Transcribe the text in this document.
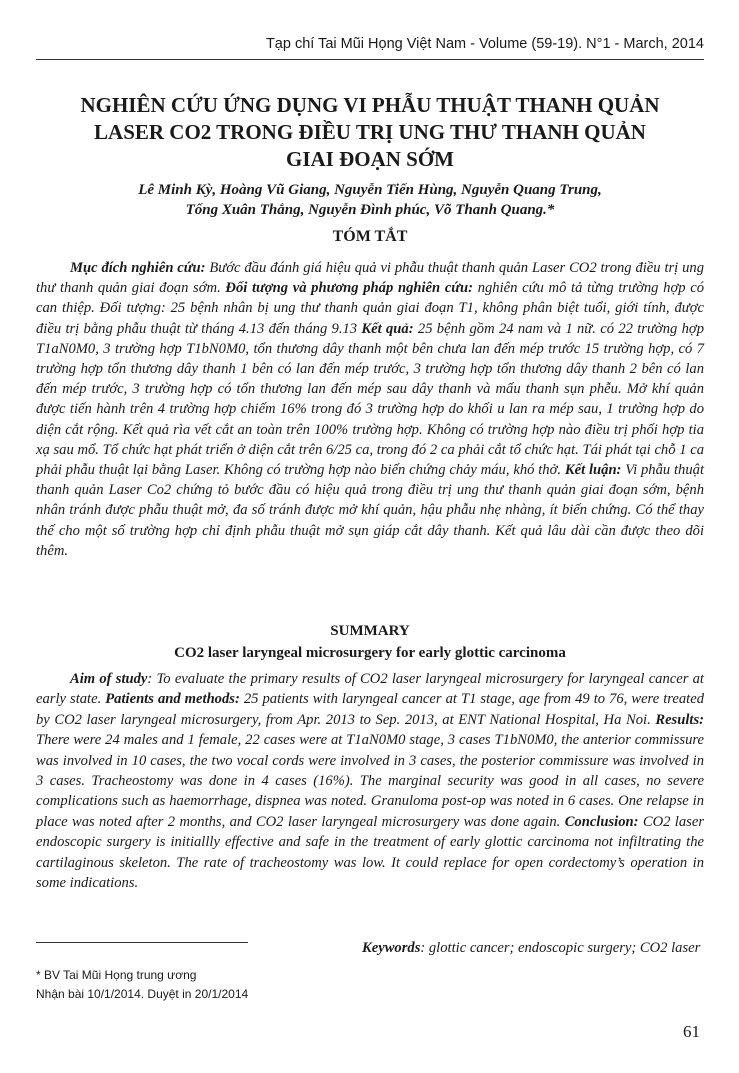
Tạp chí Tai Mũi Họng Việt Nam - Volume (59-19). N°1 - March, 2014
NGHIÊN CỨU ỨNG DỤNG VI PHẪU THUẬT THANH QUẢN
LASER CO2 TRONG ĐIỀU TRỊ UNG THƯ THANH QUẢN
GIAI ĐOẠN SỚM
Lê Minh Kỳ, Hoàng Vũ Giang, Nguyễn Tiến Hùng, Nguyễn Quang Trung,
Tống Xuân Thắng, Nguyễn Đình phúc, Võ Thanh Quang.*
TÓM TẮT

Mục đích nghiên cứu: Bước đầu đánh giá hiệu quả vi phẫu thuật thanh quản Laser CO2 trong điều trị ung thư thanh quản giai đoạn sớm. Đối tượng và phương pháp nghiên cứu: nghiên cứu mô tả từng trường hợp có can thiệp. Đối tượng: 25 bệnh nhân bị ung thư thanh quản giai đoạn T1, không phân biệt tuổi, giới tính, được điều trị bằng phẫu thuật từ tháng 4.13 đến tháng 9.13 Kết quả: 25 bệnh gồm 24 nam và 1 nữ. có 22 trường hợp T1aN0M0, 3 trường hợp T1bN0M0, tổn thương dây thanh một bên chưa lan đến mép trước 15 trường hợp, có 7 trường hợp tổn thương dây thanh 1 bên có lan đến mép trước, 3 trường hợp tổn thương dây thanh 2 bên có lan đến mép trước, 3 trường hợp có tổn thương lan đến mép sau dây thanh và mấu thanh sụn phễu. Mở khí quản được tiến hành trên 4 trường hợp chiếm 16% trong đó 3 trường hợp do khối u lan ra mép sau, 1 trường hợp do diện cắt rộng. Kết quả rìa vết cắt an toàn trên 100% trường hợp. Không có trường hợp nào điều trị phối hợp tia xạ sau mổ. Tổ chức hạt phát triển ở diện cắt trên 6/25 ca, trong đó 2 ca phải cắt tổ chức hạt. Tái phát tại chỗ 1 ca phải phẫu thuật lại bằng Laser. Không có trường hợp nào biến chứng chảy máu, khó thở. Kết luận: Vi phẫu thuật thanh quản Laser Co2 chứng tỏ bước đầu có hiệu quả trong điều trị ung thư thanh quản giai đoạn sớm, bệnh nhân tránh được phẫu thuật mở, đa số tránh được mở khí quản, hậu phẫu nhẹ nhàng, ít biến chứng. Có thể thay thế cho một số trường hợp chỉ định phẫu thuật mở sụn giáp cắt dây thanh. Kết quả lâu dài cần được theo dõi thêm.

SUMMARY
CO2 laser laryngeal microsurgery for early glottic carcinoma

Aim of study: To evaluate the primary results of CO2 laser laryngeal microsurgery for laryngeal cancer at early state. Patients and methods: 25 patients with laryngeal cancer at T1 stage, age from 49 to 76, were treated by CO2 laser laryngeal microsurgery, from Apr. 2013 to Sep. 2013, at ENT National Hospital, Ha Noi. Results: There were 24 males and 1 female, 22 cases were at T1aN0M0 stage, 3 cases T1bN0M0, the anterior commissure was involved in 10 cases, the two vocal cords were involved in 3 cases, the posterior commissure was involved in 3 cases. Tracheostomy was done in 4 cases (16%). The marginal security was good in all cases, no severe complications such as haemorrhage, dispnea was noted. Granuloma post-op was noted in 6 cases. One relapse in place was noted after 2 months, and CO2 laser laryngeal microsurgery was done again. Conclusion: CO2 laser endoscopic surgery is initiallly effective and safe in the treatment of early glottic carcinoma not infiltrating the cartilaginous skeleton. The rate of tracheostomy was low. It could replace for open cordectomy’s operation in some indications.

Keywords: glottic cancer; endoscopic surgery; CO2 laser

* BV Tai Mũi Họng trung ương
Nhận bài 10/1/2014. Duyệt in 20/1/2014
61
